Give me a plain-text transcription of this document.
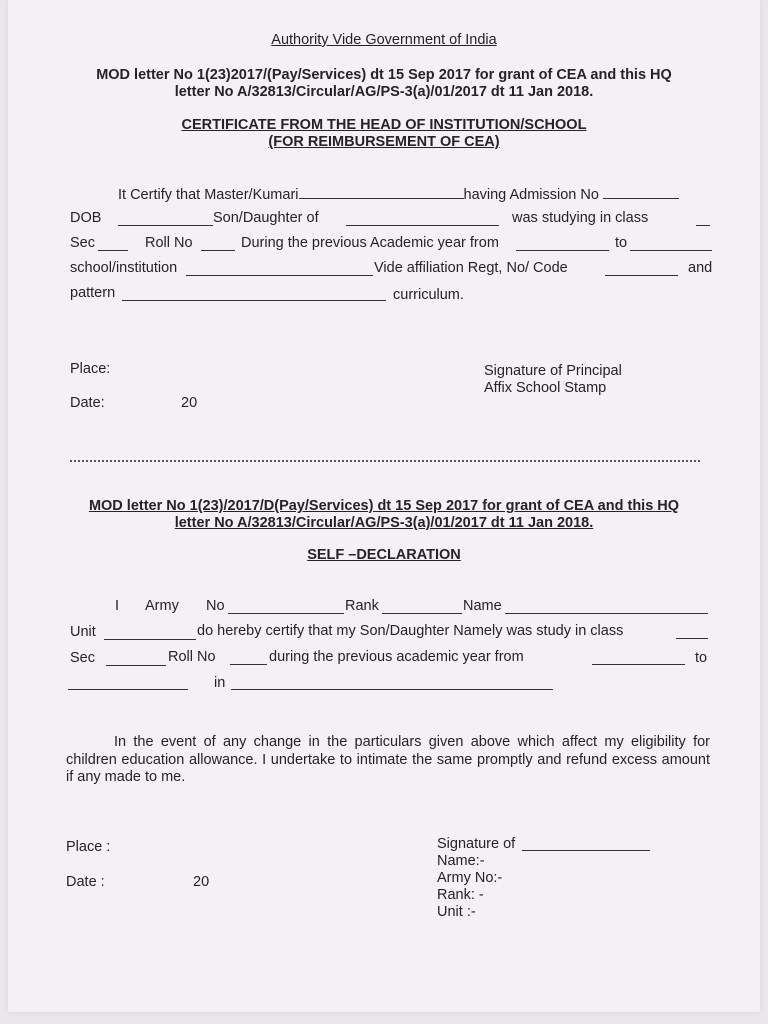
Authority Vide Government of India
MOD letter No 1(23)2017/(Pay/Services) dt 15 Sep 2017 for grant of CEA and this HQ
letter No A/32813/Circular/AG/PS-3(a)/01/2017 dt 11 Jan 2018.
CERTIFICATE FROM THE HEAD OF INSTITUTION/SCHOOL
(FOR REIMBURSEMENT OF CEA)
It Certify that Master/Kumari	having Admission No
DOB	Son/Daughter of	was studying in class
Sec	Roll No	During the previous Academic year from	to
school/institution	Vide affiliation Regt, No/ Code	and
pattern	curriculum.
Place:
Date:	20
Signature of Principal
Affix School Stamp
MOD letter No 1(23)/2017/D(Pay/Services) dt 15 Sep 2017 for grant of CEA and this HQ
letter No A/32813/Circular/AG/PS-3(a)/01/2017 dt 11 Jan 2018.
SELF –DECLARATION
I Army No	Rank	Name
Unit	do hereby certify that my Son/Daughter Namely was study in class
Sec	Roll No	during the previous academic year from	to
in
In the event of any change in the particulars given above which affect my eligibility for children education allowance. I undertake to intimate the same promptly and refund excess amount if any made to me.
Place :
Date :	20
Signature of
Name:-
Army No:-
Rank: -
Unit :-
